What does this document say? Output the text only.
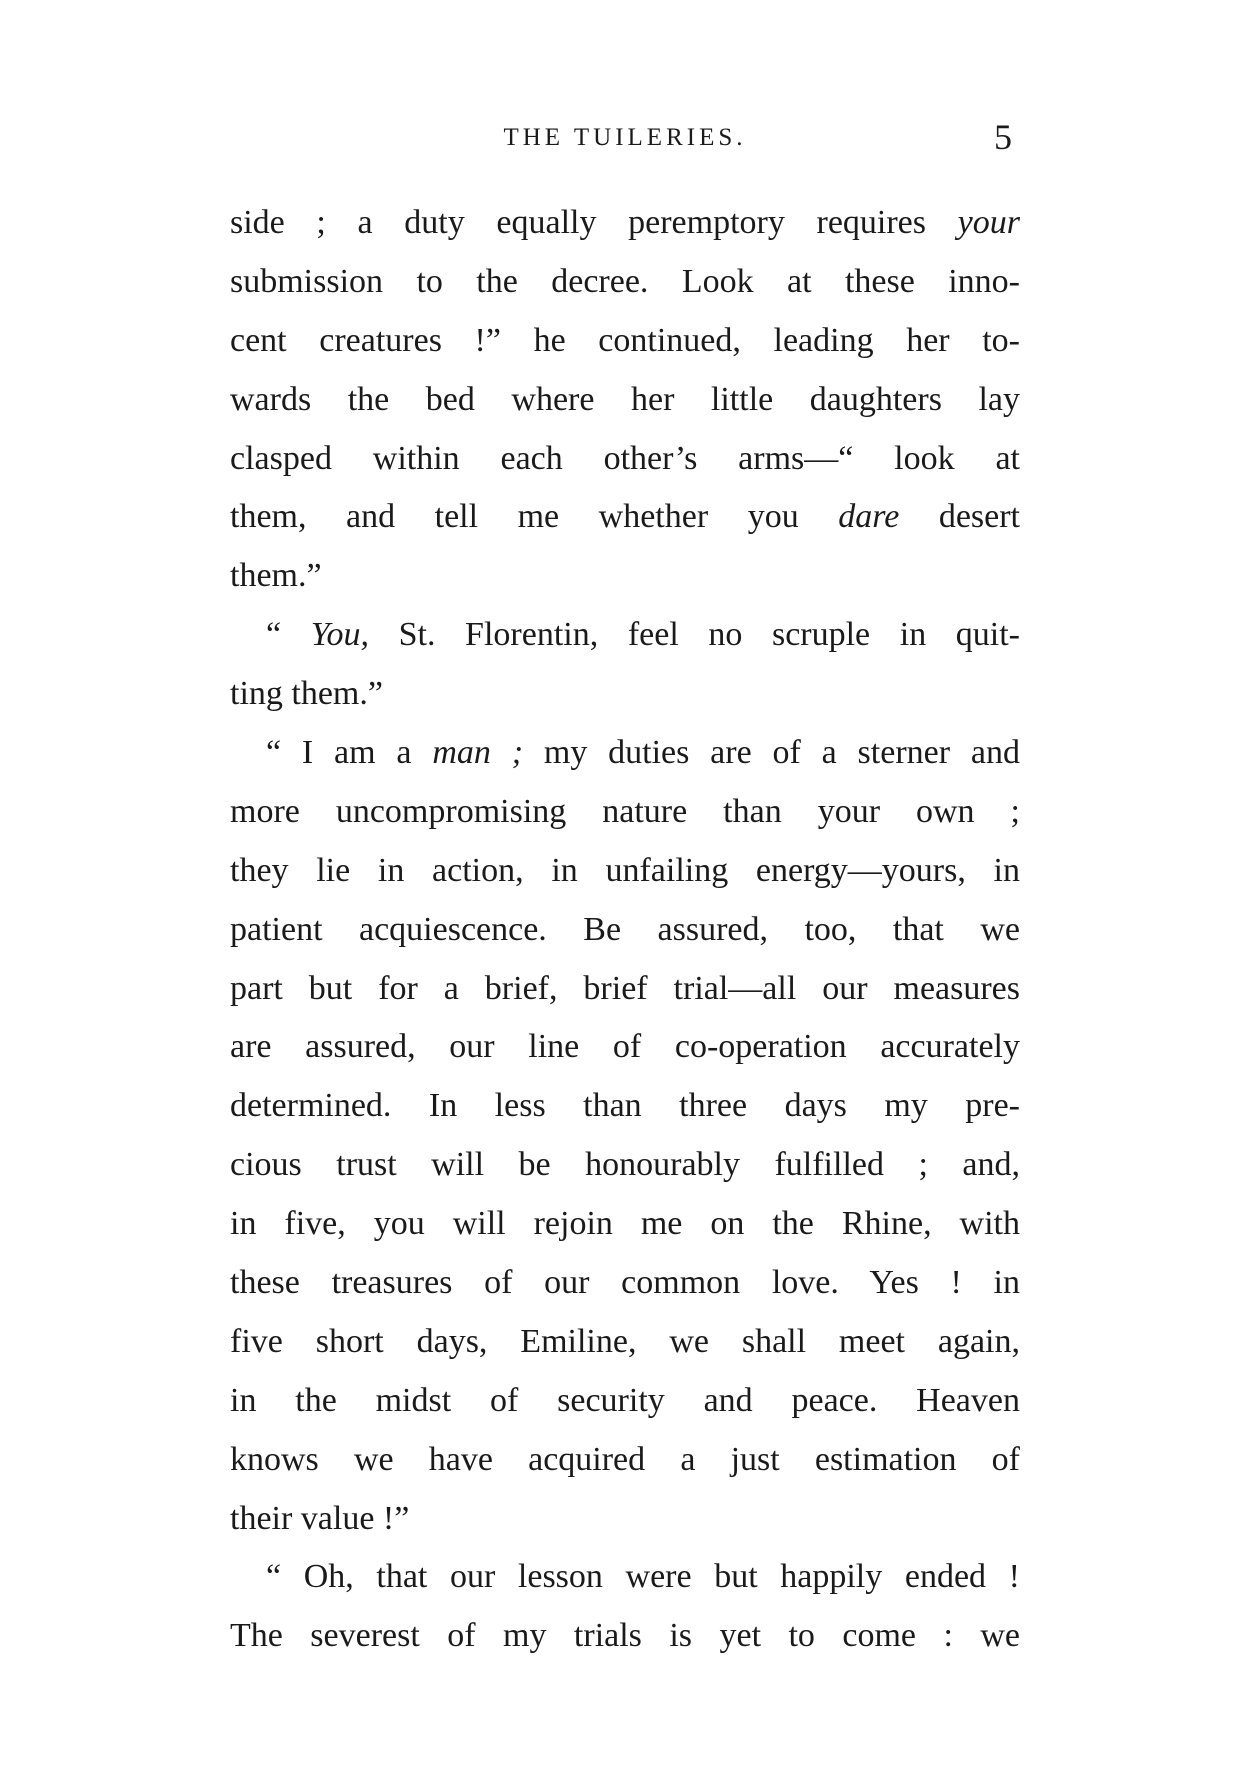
THE TUILERIES.	5
side ; a duty equally peremptory requires your
submission to the decree. Look at these inno-
cent creatures !” he continued, leading her to-
wards the bed where her little daughters lay
clasped within each other’s arms—“ look at
them, and tell me whether you dare desert
them.”
“ You, St. Florentin, feel no scruple in quit-
ting them.”
“ I am a man ; my duties are of a sterner and
more uncompromising nature than your own ;
they lie in action, in unfailing energy—yours, in
patient acquiescence. Be assured, too, that we
part but for a brief, brief trial—all our measures
are assured, our line of co-operation accurately
determined. In less than three days my pre-
cious trust will be honourably fulfilled ; and,
in five, you will rejoin me on the Rhine, with
these treasures of our common love. Yes ! in
five short days, Emiline, we shall meet again,
in the midst of security and peace. Heaven
knows we have acquired a just estimation of
their value !”
“ Oh, that our lesson were but happily ended !
The severest of my trials is yet to come : we
